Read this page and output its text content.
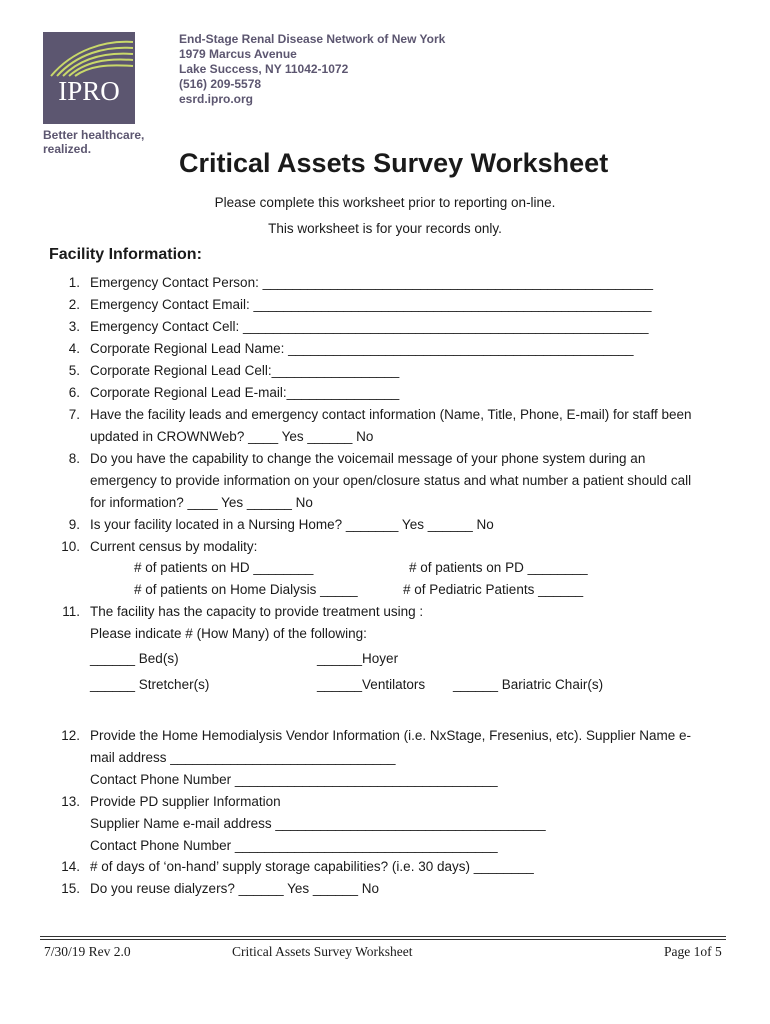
IPRO
Better healthcare,
realized.
End-Stage Renal Disease Network of New York
1979 Marcus Avenue
Lake Success, NY 11042-1072
(516) 209-5578
esrd.ipro.org
Critical Assets Survey Worksheet
Please complete this worksheet prior to reporting on-line.
This worksheet is for your records only.
Facility Information:
1. Emergency Contact Person: ____________________________________________________
2. Emergency Contact Email: _____________________________________________________
3. Emergency Contact Cell: ______________________________________________________
4. Corporate Regional Lead Name: ______________________________________________
5. Corporate Regional Lead Cell:_________________
6. Corporate Regional Lead E-mail:_______________
7. Have the facility leads and emergency contact information (Name, Title, Phone, E-mail) for staff been
updated in CROWNWeb? ____ Yes ______ No
8. Do you have the capability to change the voicemail message of your phone system during an
emergency to provide information on your open/closure status and what number a patient should call
for information? ____ Yes ______ No
9. Is your facility located in a Nursing Home? _______ Yes ______ No
10. Current census by modality:
# of patients on HD ________	# of patients on PD ________
# of patients on Home Dialysis _____	# of Pediatric Patients ______
11. The facility has the capacity to provide treatment using :
Please indicate # (How Many) of the following:
______ Bed(s)	______Hoyer
______ Stretcher(s)	______Ventilators ______ Bariatric Chair(s)
12. Provide the Home Hemodialysis Vendor Information (i.e. NxStage, Fresenius, etc). Supplier Name e-
mail address ______________________________
Contact Phone Number ___________________________________
13. Provide PD supplier Information
Supplier Name e-mail address ____________________________________
Contact Phone Number ___________________________________
14. # of days of ‘on-hand’ supply storage capabilities? (i.e. 30 days) ________
15. Do you reuse dialyzers? ______ Yes ______ No
7/30/19 Rev 2.0	Critical Assets Survey Worksheet	Page 1of 5
